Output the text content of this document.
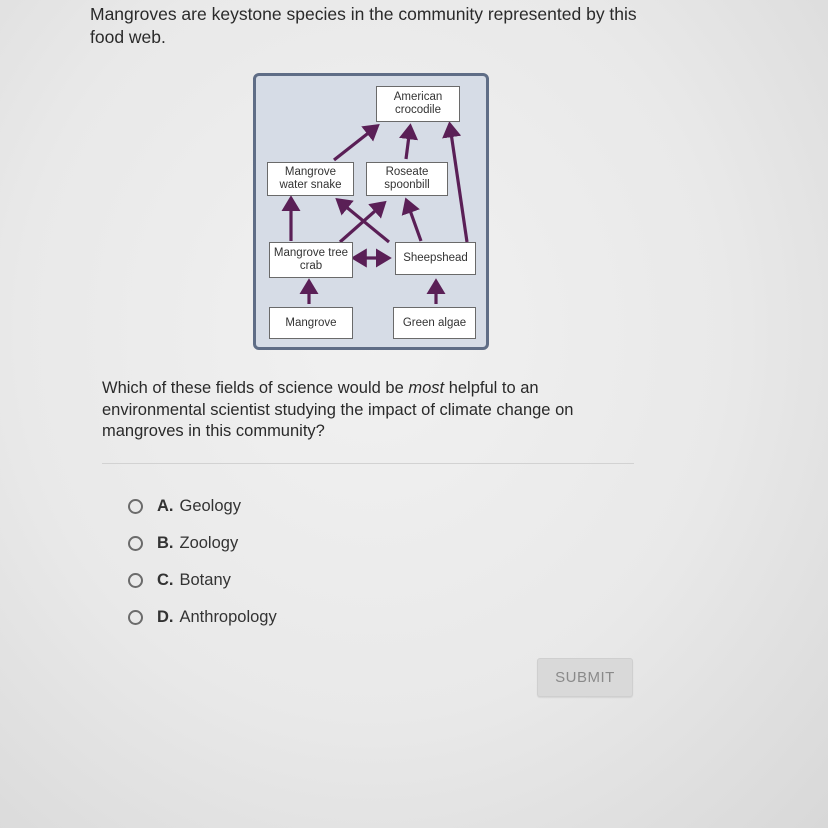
Mangroves are keystone species in the community represented by this food web.
American crocodile
Mangrove water snake
Roseate spoonbill
Mangrove tree crab
Sheepshead
Mangrove	Green algae
Which of these fields of science would be most helpful to an environmental scientist studying the impact of climate change on mangroves in this community?
A. Geology
B. Zoology
C. Botany
D. Anthropology
SUBMIT
